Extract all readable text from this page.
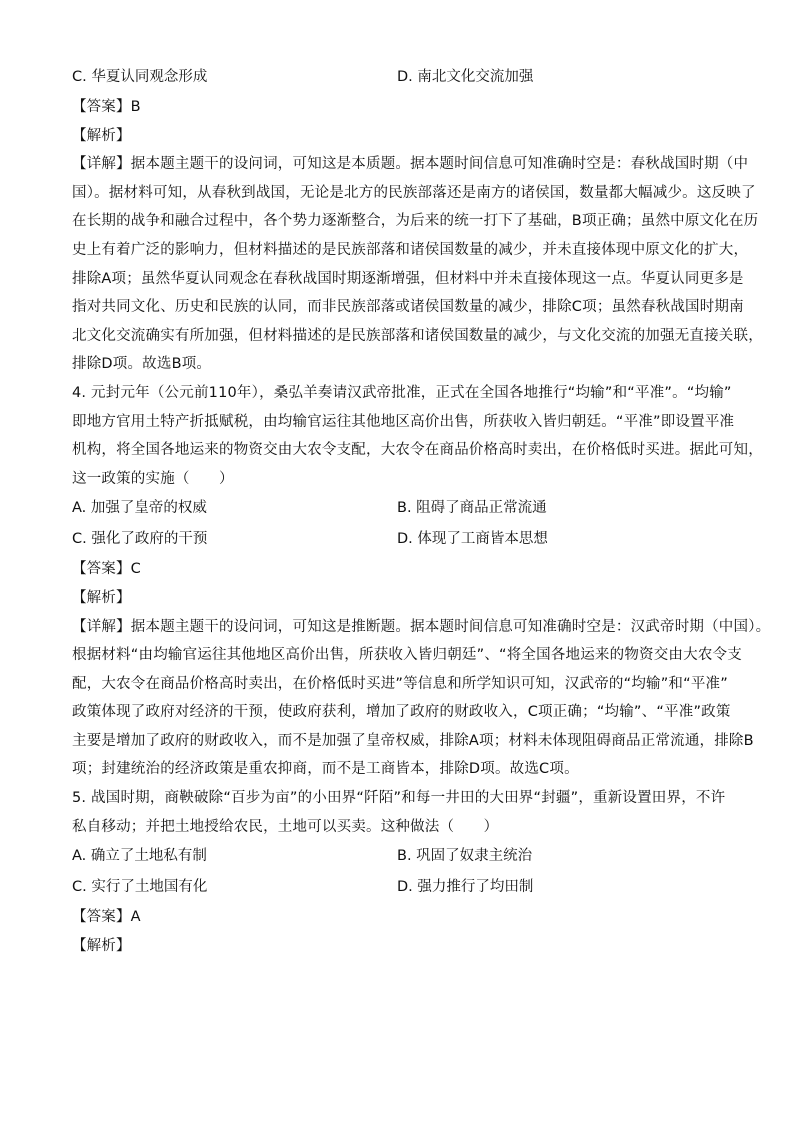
C. 华夏认同观念形成	D. 南北文化交流加强
【答案】B
【解析】
【详解】据本题主题干的设问词，可知这是本质题。据本题时间信息可知准确时空是：春秋战国时期（中
国）。据材料可知，从春秋到战国，无论是北方的民族部落还是南方的诸侯国，数量都大幅减少。这反映了
在长期的战争和融合过程中，各个势力逐渐整合，为后来的统一打下了基础，B项正确；虽然中原文化在历
史上有着广泛的影响力，但材料描述的是民族部落和诸侯国数量的减少，并未直接体现中原文化的扩大，
排除A项；虽然华夏认同观念在春秋战国时期逐渐增强，但材料中并未直接体现这一点。华夏认同更多是
指对共同文化、历史和民族的认同，而非民族部落或诸侯国数量的减少，排除C项；虽然春秋战国时期南
北文化交流确实有所加强，但材料描述的是民族部落和诸侯国数量的减少，与文化交流的加强无直接关联，
排除D项。故选B项。
4. 元封元年（公元前110年），桑弘羊奏请汉武帝批准，正式在全国各地推行“均输”和“平准”。“均输”
即地方官用土特产折抵赋税，由均输官运往其他地区高价出售，所获收入皆归朝廷。“平准”即设置平准
机构，将全国各地运来的物资交由大农令支配，大农令在商品价格高时卖出，在价格低时买进。据此可知，
这一政策的实施（　　）
A. 加强了皇帝的权威	B. 阻碍了商品正常流通
C. 强化了政府的干预	D. 体现了工商皆本思想
【答案】C
【解析】
【详解】据本题主题干的设问词，可知这是推断题。据本题时间信息可知准确时空是：汉武帝时期（中国）。
根据材料“由均输官运往其他地区高价出售，所获收入皆归朝廷”、“将全国各地运来的物资交由大农令支
配，大农令在商品价格高时卖出，在价格低时买进”等信息和所学知识可知，汉武帝的“均输”和“平准”
政策体现了政府对经济的干预，使政府获利，增加了政府的财政收入，C项正确；“均输”、“平准”政策
主要是增加了政府的财政收入，而不是加强了皇帝权威，排除A项；材料未体现阻碍商品正常流通，排除B
项；封建统治的经济政策是重农抑商，而不是工商皆本，排除D项。故选C项。
5. 战国时期，商鞅破除“百步为亩”的小田界“阡陌”和每一井田的大田界“封疆”，重新设置田界，不许
私自移动；并把土地授给农民，土地可以买卖。这种做法（　　）
A. 确立了土地私有制	B. 巩固了奴隶主统治
C. 实行了土地国有化	D. 强力推行了均田制
【答案】A
【解析】
